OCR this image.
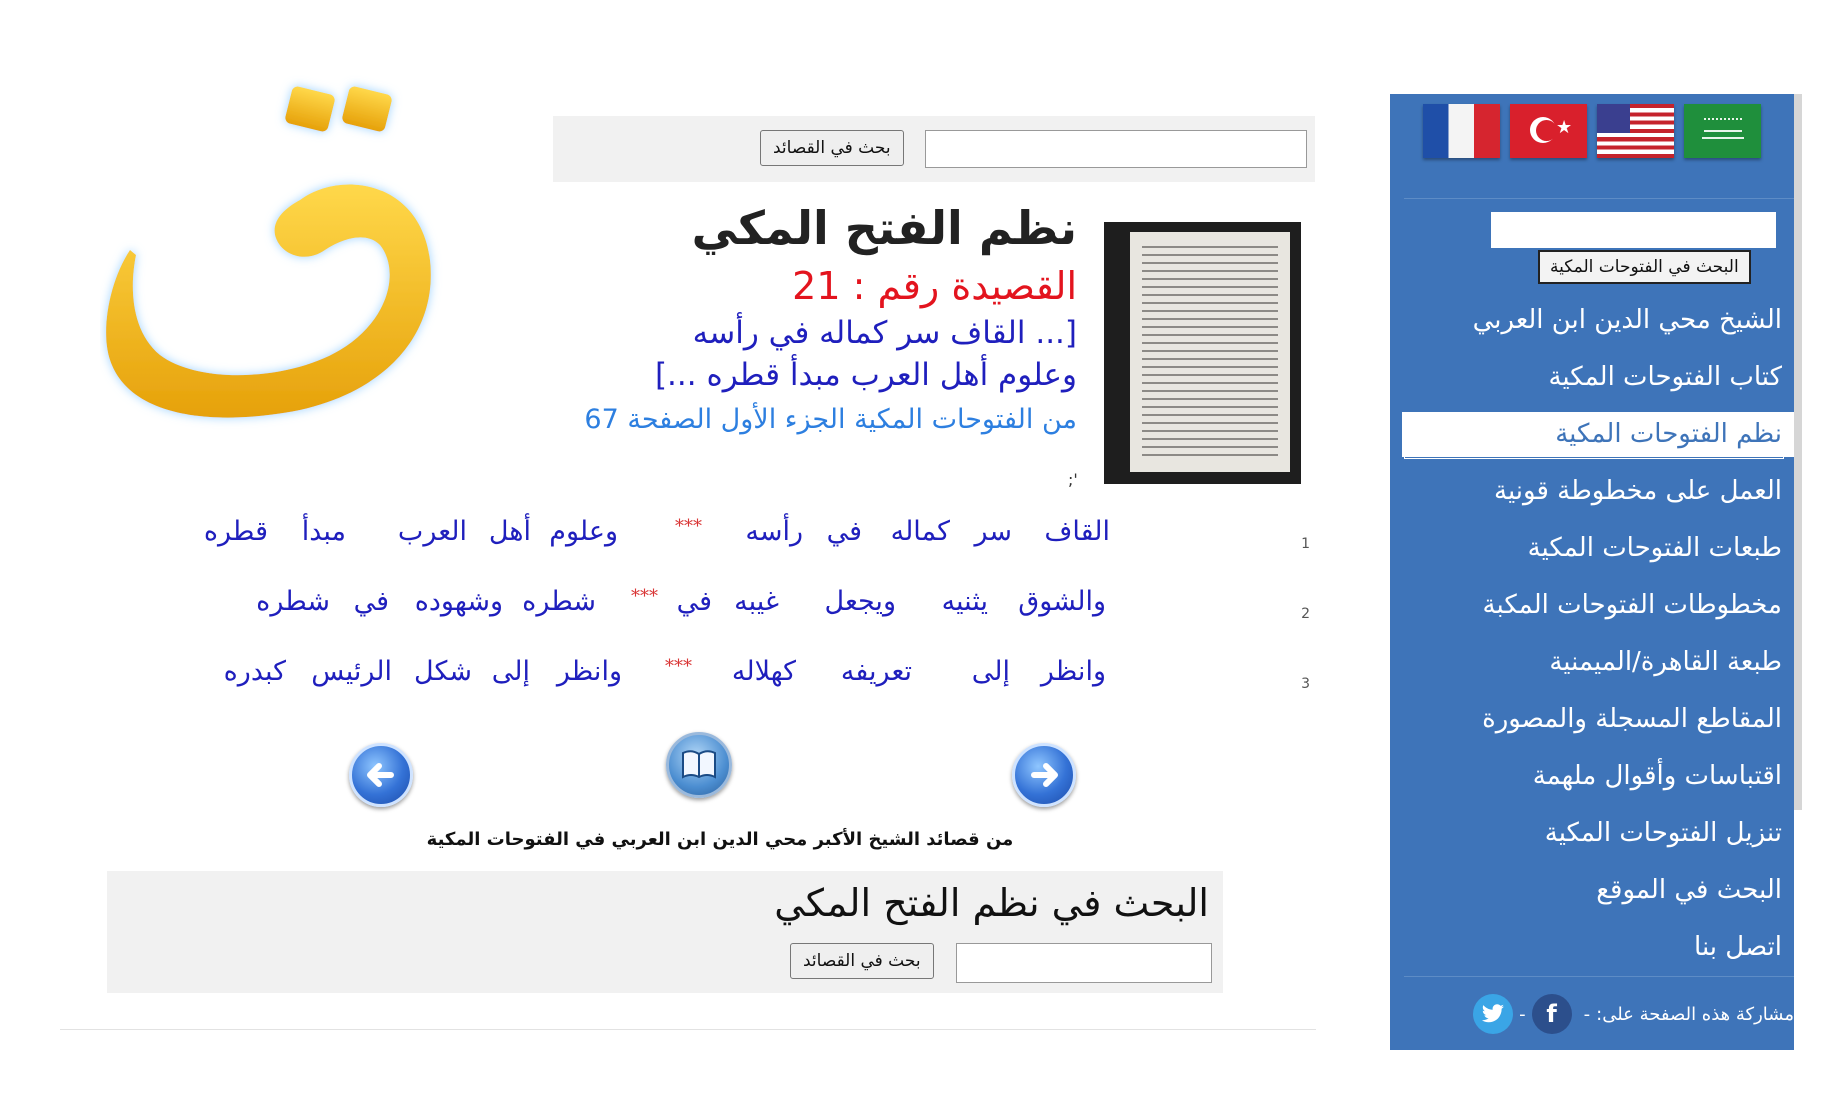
★
البحث في الفتوحات المكية
الشيخ محي الدين ابن العربي
كتاب الفتوحات المكية
نظم الفتوحات المكية
العمل على مخطوطة قونية
طبعات الفتوحات المكية
مخطوطات الفتوحات المكبة
طبعة القاهرة/الميمنية
المقاطع المسجلة والمصورة
اقتباسات وأقوال ملهمة
تنزيل الفتوحات المكية
البحث في الموقع
اتصل بنا
مشاركة هذه الصفحة على:
-
f
-
بحث في القصائد
نظم الفتح المكي
القصيدة رقم : 21
[... القاف سر كماله في رأسه
وعلوم أهل العرب مبدأ قطره ...]
من الفتوحات المكية الجزء الأول الصفحة 67
;'
1
القاف
سر
كماله
في
رأسه
***
وعلوم
أهل
العرب
مبدأ
قطره
2
والشوق
يثنيه
ويجعل
غيبه
في
***
شطره
وشهوده
في
شطره
3
وانظر
إلى
تعريفه
كهلاله
***
وانظر
إلى
شكل
الرئيس
كبدره
من قصائد الشيخ الأكبر محي الدين ابن العربي في الفتوحات المكية
البحث في نظم الفتح المكي
بحث في القصائد
